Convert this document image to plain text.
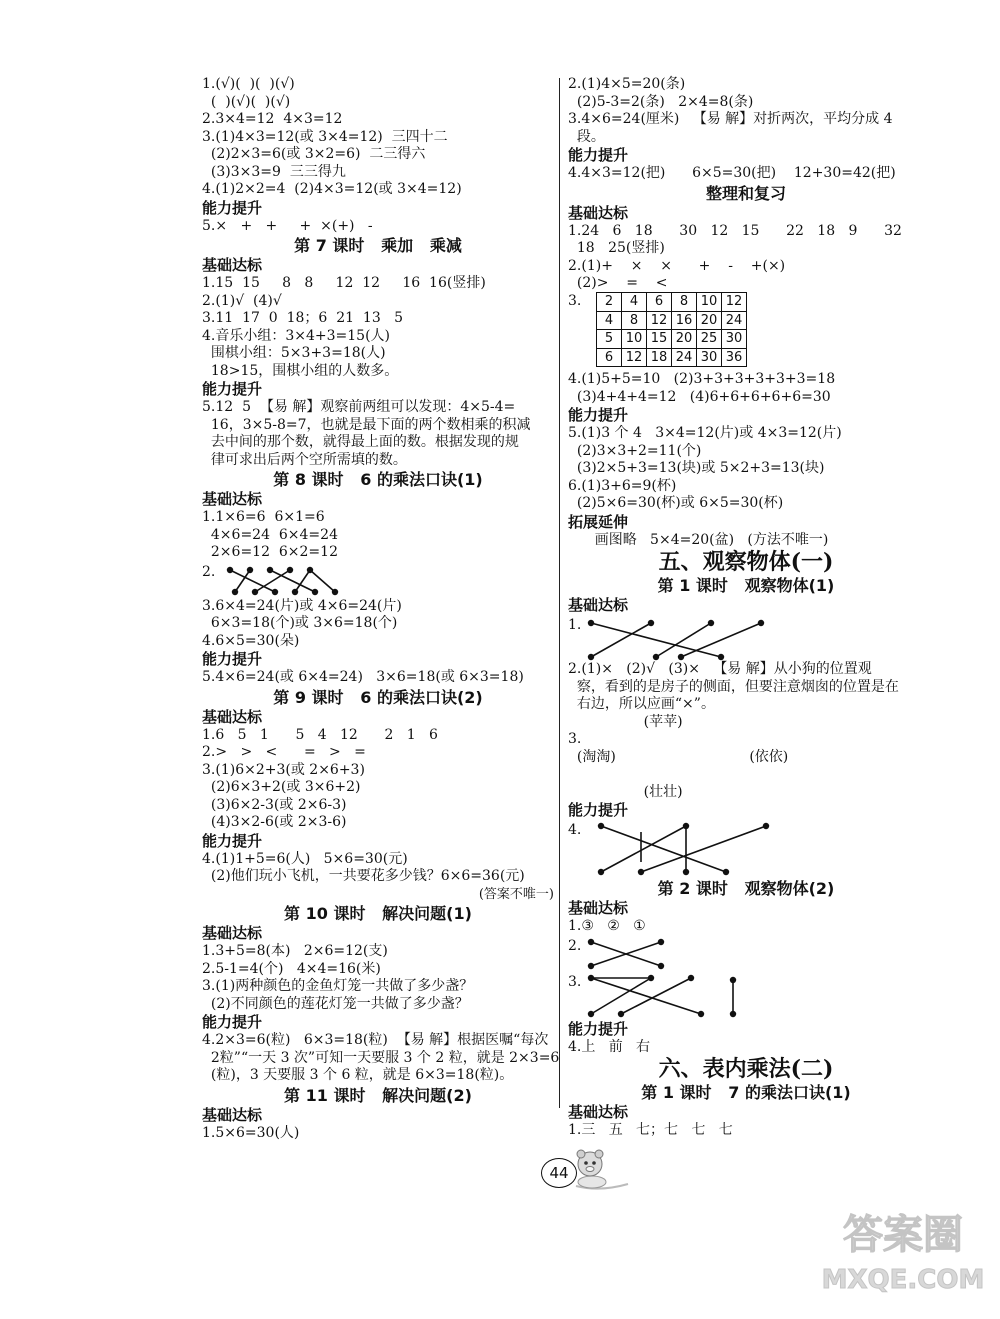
1.(√)(  )(  )(√)
(  )(√)(  )(√)
2.3×4=12  4×3=12
3.(1)4×3=12(或 3×4=12)  三四十二
(2)2×3=6(或 3×2=6)  二三得六
(3)3×3=9  三三得九
4.(1)2×2=4  (2)4×3=12(或 3×4=12)
能力提升
5.×   +   +     +  ×(+)   -
第 7 课时   乘加   乘减
基础达标
1.15  15     8   8     12  12     16  16(竖排)
2.(1)√  (4)√
3.11  17  0  18；6  21  13   5
4.音乐小组：3×4+3=15(人)
围棋小组：5×3+3=18(人)
18>15，围棋小组的人数多。
能力提升
5.12  5  【易 解】观察前两组可以发现：4×5-4=
16，3×5-8=7，也就是最下面的两个数相乘的积减
去中间的那个数，就得最上面的数。根据发现的规
律可求出后两个空所需填的数。
第 8 课时   6 的乘法口诀(1)
基础达标
1.1×6=6  6×1=6
4×6=24  6×4=24
2×6=12  6×2=12
2.
3.6×4=24(片)或 4×6=24(片)
6×3=18(个)或 3×6=18(个)
4.6×5=30(朵)
能力提升
5.4×6=24(或 6×4=24)   3×6=18(或 6×3=18)
第 9 课时   6 的乘法口诀(2)
基础达标
1.6   5   1      5   4   12      2   1   6
2.>   >   <      =   >   =
3.(1)6×2+3(或 2×6+3)
(2)6×3+2(或 3×6+2)
(3)6×2-3(或 2×6-3)
(4)3×2-6(或 2×3-6)
能力提升
4.(1)1+5=6(人)   5×6=30(元)
(2)他们玩小飞机，一共要花多少钱？6×6=36(元)
(答案不唯一)
第 10 课时   解决问题(1)
基础达标
1.3+5=8(本)   2×6=12(支)
2.5-1=4(个)   4×4=16(米)
3.(1)两种颜色的金鱼灯笼一共做了多少盏？
(2)不同颜色的莲花灯笼一共做了多少盏？
能力提升
4.2×3=6(粒)   6×3=18(粒)  【易 解】根据医嘱“每次
2粒”“一天 3 次”可知一天要服 3 个 2 粒，就是 2×3=6
(粒)，3 天要服 3 个 6 粒，就是 6×3=18(粒)。
第 11 课时   解决问题(2)
基础达标
1.5×6=30(人)
2.(1)4×5=20(条)
(2)5-3=2(条)   2×4=8(条)
3.4×6=24(厘米)   【易 解】对折两次，平均分成 4
段。
能力提升
4.4×3=12(把)      6×5=30(把)    12+30=42(把)
整理和复习
基础达标
1.24   6   18      30   12   15      22   18   9      32
18   25(竖排)
2.(1)+    ×    ×      +    -    +(×)
(2)>    =    <
3.	2	4	6	8	10	12
4	8	12	16	20	24
5	10	15	20	25	30
6	12	18	24	30	36
4.(1)5+5=10   (2)3+3+3+3+3+3=18
(3)4+4+4=12   (4)6+6+6+6+6=30
能力提升
5.(1)3 个 4   3×4=12(片)或 4×3=12(片)
(2)3×3+2=11(个)
(3)2×5+3=13(块)或 5×2+3=13(块)
6.(1)3+6=9(杯)
(2)5×6=30(杯)或 6×5=30(杯)
拓展延伸
画图略   5×4=20(盆)   (方法不唯一)
五、观察物体(一)
第 1 课时   观察物体(1)
基础达标
1.
2.(1)×   (2)√   (3)×   【易 解】从小狗的位置观
察，看到的是房子的侧面，但要注意烟囱的位置是在
右边，所以应画“×”。
(苹苹)
3.
(淘淘)                              (依依)

(壮壮)
能力提升
4.
第 2 课时   观察物体(2)
基础达标
1.③   ②   ①
2.
3.
能力提升
4.上   前   右
六、表内乘法(二)
第 1 课时   7 的乘法口诀(1)
基础达标
1.三   五   七；七   七   七
44
答案圈
MXQE.COM
